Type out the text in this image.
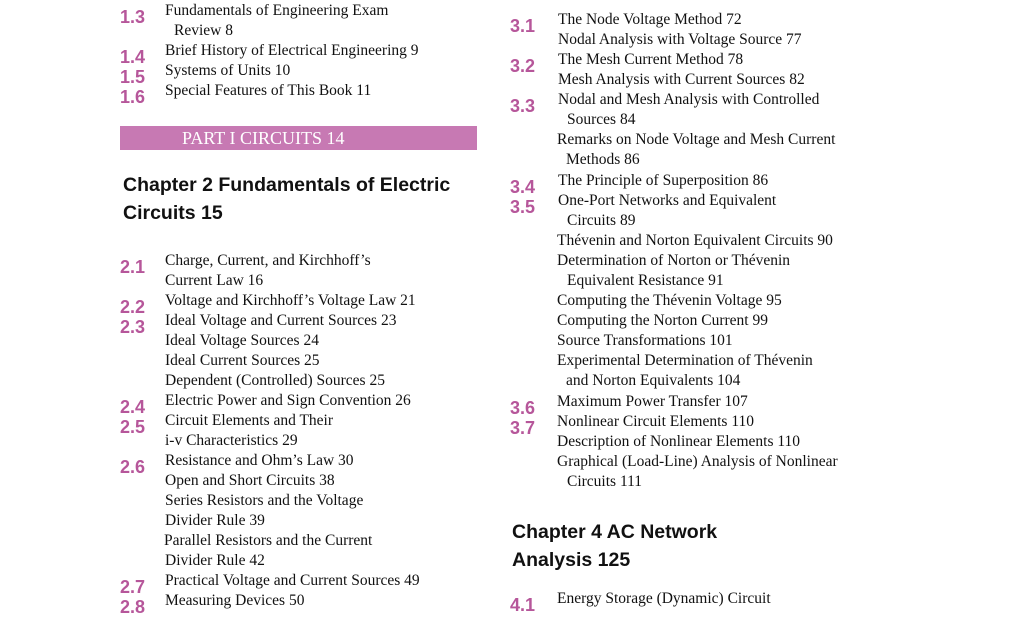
1.3 Fundamentals of Engineering Exam
Review 8
1.4 Brief History of Electrical Engineering 9
1.5 Systems of Units 10
1.6 Special Features of This Book 11
Chapter 2 Fundamentals of Electric
Circuits 15
2.1 Charge, Current, and Kirchhoff’s
Current Law 16
2.2 Voltage and Kirchhoff’s Voltage Law 21
2.3 Ideal Voltage and Current Sources 23
Ideal Voltage Sources 24
Ideal Current Sources 25
Dependent (Controlled) Sources 25
2.4 Electric Power and Sign Convention 26
2.5 Circuit Elements and Their
i-v Characteristics 29
2.6 Resistance and Ohm’s Law 30
Open and Short Circuits 38
Series Resistors and the Voltage
Divider Rule 39
Parallel Resistors and the Current
Divider Rule 42
2.7 Practical Voltage and Current Sources 49
2.8 Measuring Devices 50
PART I CIRCUITS 14
3.1 The Node Voltage Method 72
Nodal Analysis with Voltage Source 77
3.2 The Mesh Current Method 78
Mesh Analysis with Current Sources 82
3.3 Nodal and Mesh Analysis with Controlled
Sources 84
Remarks on Node Voltage and Mesh Current
Methods 86
3.4 The Principle of Superposition 86
3.5 One-Port Networks and Equivalent
Circuits 89
Thévenin and Norton Equivalent Circuits 90
Determination of Norton or Thévenin
Equivalent Resistance 91
Computing the Thévenin Voltage 95
Computing the Norton Current 99
Source Transformations 101
Experimental Determination of Thévenin
and Norton Equivalents 104
3.6 Maximum Power Transfer 107
3.7 Nonlinear Circuit Elements 110
Description of Nonlinear Elements 110
Graphical (Load-Line) Analysis of Nonlinear
Circuits 111
Chapter 4 AC Network
Analysis 125
4.1 Energy Storage (Dynamic) Circuit
